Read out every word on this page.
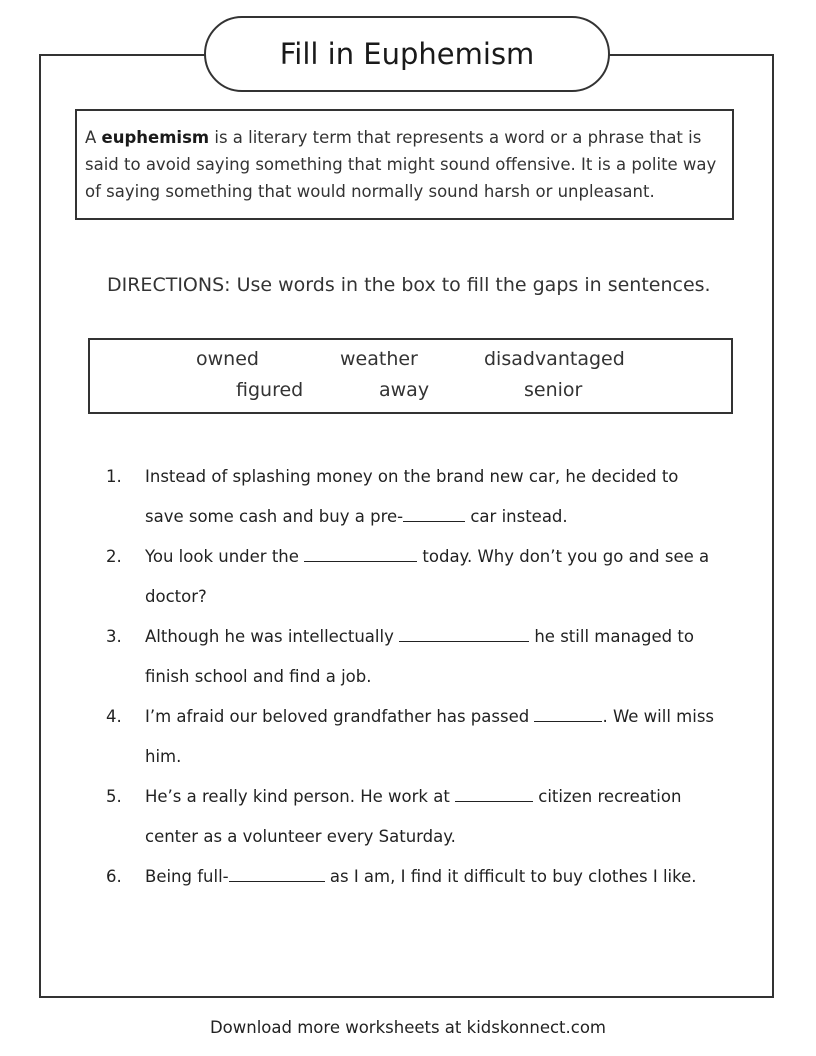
Fill in Euphemism
A euphemism is a literary term that represents a word or a phrase that is said to avoid saying something that might sound offensive. It is a polite way of saying something that would normally sound harsh or unpleasant.
DIRECTIONS: Use words in the box to fill the gaps in sentences.
owned	weather	disadvantaged
figured	away	senior
1. Instead of splashing money on the brand new car, he decided to
save some cash and buy a pre-	car instead.
2. You look under the	today. Why don’t you go and see a
doctor?
3. Although he was intellectually	he still managed to
finish school and find a job.
4. I’m afraid our beloved grandfather has passed	. We will miss
him.
5. He’s a really kind person. He work at	citizen recreation
center as a volunteer every Saturday.
6. Being full-	as I am, I find it difficult to buy clothes I like.
Download more worksheets at kidskonnect.com
